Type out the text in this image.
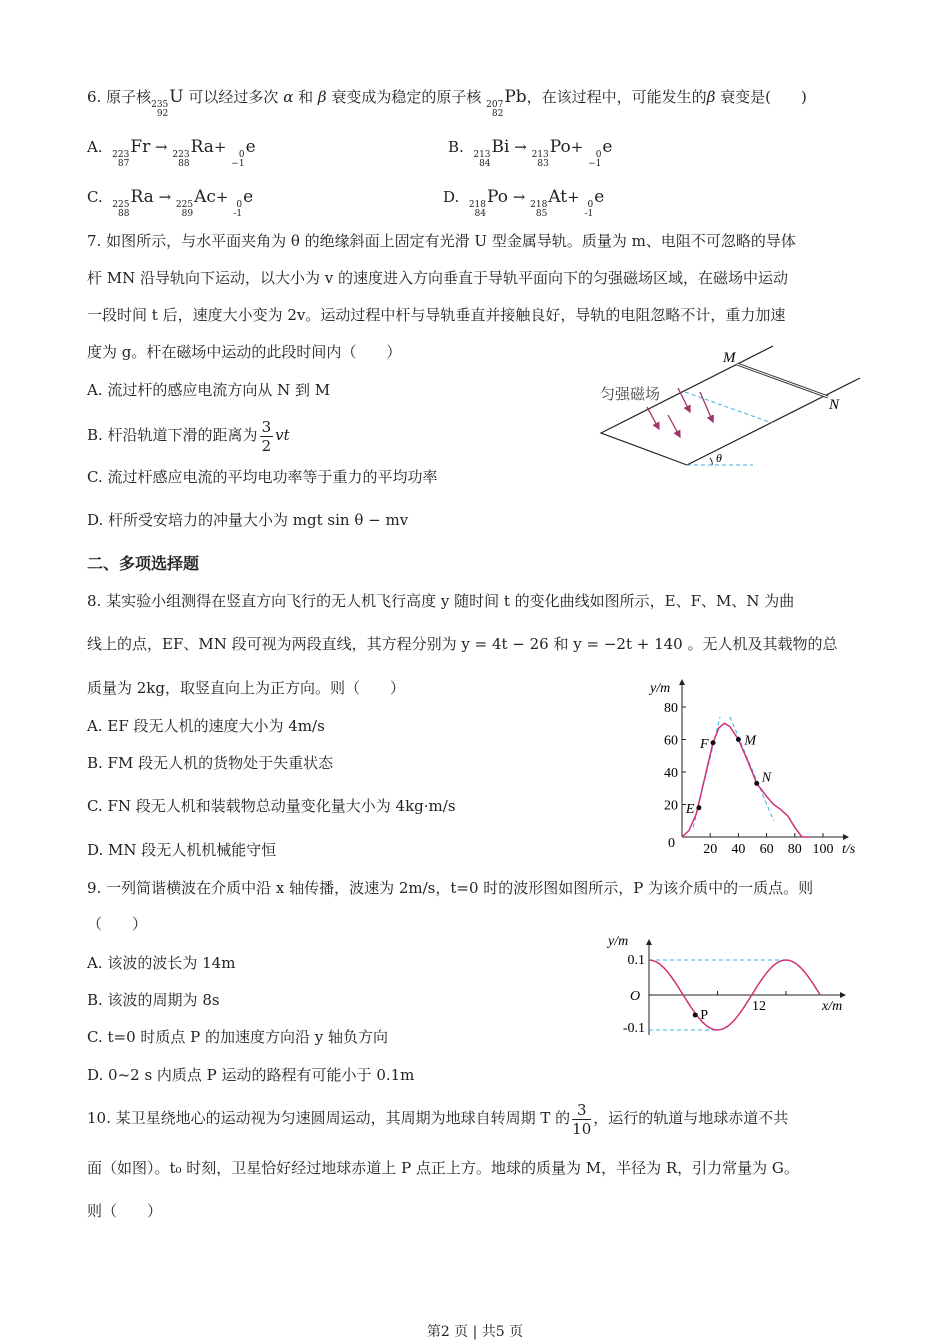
6. 原子核 235
92
U 可以经过多次 α 和 β 衰变成为稳定的原子核 207
82
Pb，在该过程中，可能发生的β 衰变是(　　)
A. 223
87
Fr → 223
88
Ra+	0
−1
e	B. 213
84
Bi → 213
83
Po+	0
−1
e
C. 225
88
Ra → 225
89
Ac+ 0
-1
e	D. 218
84
Po → 218
85
At+ 0
-1
e
7. 如图所示，与水平面夹角为 θ 的绝缘斜面上固定有光滑 U 型金属导轨。质量为 m、电阻不可忽略的导体
杆 MN 沿导轨向下运动，以大小为 v 的速度进入方向垂直于导轨平面向下的匀强磁场区域，在磁场中运动
一段时间 t 后，速度大小变为 2v。运动过程中杆与导轨垂直并接触良好，导轨的电阻忽略不计，重力加速
度为 g。杆在磁场中运动的此段时间内（　　）
A. 流过杆的感应电流方向从 N 到 M
B. 杆沿轨道下滑的距离为 $\frac{3}{2}$ vt
C. 流过杆感应电流的平均电功率等于重力的平均功率
D. 杆所受安培力的冲量大小为 mgt sin θ − mv
匀强磁场
M
N
θ
20 40 60 80 100
20
40
60
80
0
y/m
t/s
E
F	M
N
0.1
-0.1
O
12
y/m
x/m
P
二、多项选择题
8. 某实验小组测得在竖直方向飞行的无人机飞行高度 y 随时间 t 的变化曲线如图所示，E、F、M、N 为曲
线上的点，EF、MN 段可视为两段直线，其方程分别为 y = 4t − 26 和 y = −2t + 140 。无人机及其载物的总
质量为 2kg，取竖直向上为正方向。则（　　）
A. EF 段无人机的速度大小为 4m/s
B. FM 段无人机的货物处于失重状态
C. FN 段无人机和装载物总动量变化量大小为 4kg·m/s
D. MN 段无人机机械能守恒
9. 一列简谐横波在介质中沿 x 轴传播，波速为 2m/s，t=0 时的波形图如图所示，P 为该介质中的一质点。则
（　　）
A. 该波的波长为 14m
B. 该波的周期为 8s
C. t=0 时质点 P 的加速度方向沿 y 轴负方向
D. 0~2 s 内质点 P 运动的路程有可能小于 0.1m
10. 某卫星绕地心的运动视为匀速圆周运动，其周期为地球自转周期 T 的 $\frac{3}{10}$ ，运行的轨道与地球赤道不共
面（如图）。t₀ 时刻，卫星恰好经过地球赤道上 P 点正上方。地球的质量为 M，半径为 R，引力常量为 G。
则（　　）
第2 页 | 共5 页
